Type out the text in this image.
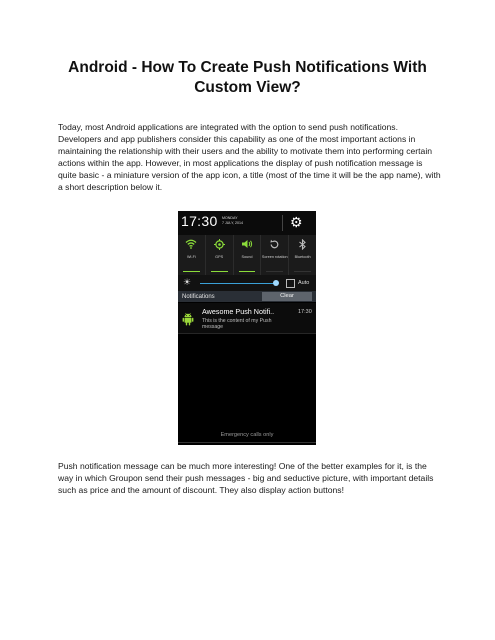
Android - How To Create Push Notifications With
Custom View?

Today, most Android applications are integrated with the option to send push notifications. Developers and app publishers consider this capability as one of the most important actions in maintaining the relationship with their users and the ability to motivate them into performing certain actions within the app. However, in most applications the display of push notification message is quite basic - a miniature version of the app icon, a title (most of the time it will be the app name), with a short description below it.

17:30 MONDAY
7 JULY, 2014	⚙
Wi-Fi	GPS	Sound	Screen rotation	Bluetooth
☀	Auto
Notifications	Clear
Awesome Push Notifi..	17:30
This is the content of my Push message
Emergency calls only

Push notification message can be much more interesting! One of the better examples for it, is the way in which Groupon send their push messages - big and seductive picture, with important details such as price and the amount of discount. They also display action buttons!
